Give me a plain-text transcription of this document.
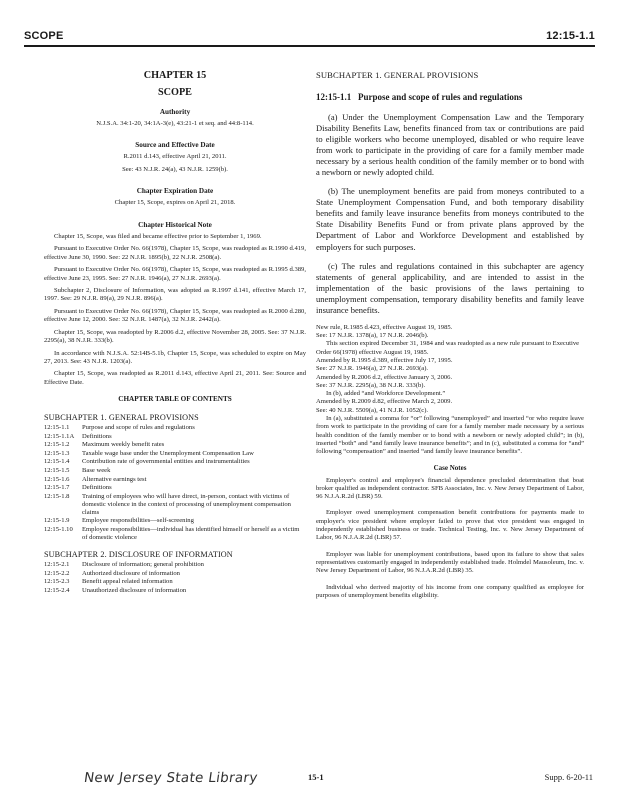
SCOPE	12:15-1.1

CHAPTER 15

SCOPE

Authority

N.J.S.A. 34:1-20, 34:1A-3(e), 43:21-1 et seq. and 44:8-114.

Source and Effective Date

R.2011 d.143, effective April 21, 2011.

See: 43 N.J.R. 24(a), 43 N.J.R. 1259(b).

Chapter Expiration Date

Chapter 15, Scope, expires on April 21, 2018.

Chapter Historical Note

Chapter 15, Scope, was filed and became effective prior to September 1, 1969.

Pursuant to Executive Order No. 66(1978), Chapter 15, Scope, was readopted as R.1990 d.419, effective June 30, 1990. See: 22 N.J.R. 1895(b), 22 N.J.R. 2508(a).

Pursuant to Executive Order No. 66(1978), Chapter 15, Scope, was readopted as R.1995 d.389, effective June 23, 1995. See: 27 N.J.R. 1946(a), 27 N.J.R. 2693(a).

Subchapter 2, Disclosure of Information, was adopted as R.1997 d.141, effective March 17, 1997. See: 29 N.J.R. 89(a), 29 N.J.R. 896(a).

Pursuant to Executive Order No. 66(1978), Chapter 15, Scope, was readopted as R.2000 d.280, effective June 12, 2000. See: 32 N.J.R. 1487(a), 32 N.J.R. 2442(a).

Chapter 15, Scope, was readopted by R.2006 d.2, effective November 28, 2005. See: 37 N.J.R. 2295(a), 38 N.J.R. 333(b).

In accordance with N.J.S.A. 52:14B-5.1b, Chapter 15, Scope, was scheduled to expire on May 27, 2013. See: 43 N.J.R. 1203(a).

Chapter 15, Scope, was readopted as R.2011 d.143, effective April 21, 2011. See: Source and Effective Date.

CHAPTER TABLE OF CONTENTS

SUBCHAPTER 1. GENERAL PROVISIONS

12:15-1.1	Purpose and scope of rules and regulations
12:15-1.1A	Definitions
12:15-1.2	Maximum weekly benefit rates
12:15-1.3	Taxable wage base under the Unemployment Compensation Law
12:15-1.4	Contribution rate of governmental entities and instrumentalities
12:15-1.5	Base week
12:15-1.6	Alternative earnings test
12:15-1.7	Definitions
12:15-1.8	Training of employees who will have direct, in-person, contact with victims of domestic violence in the context of processing of unemployment compensation claims
12:15-1.9	Employee responsibilities—self-screening
12:15-1.10	Employee responsibilities—individual has identified himself or herself as a victim of domestic violence

SUBCHAPTER 2. DISCLOSURE OF INFORMATION

12:15-2.1	Disclosure of information; general prohibition
12:15-2.2	Authorized disclosure of information
12:15-2.3	Benefit appeal related information
12:15-2.4	Unauthorized disclosure of information

SUBCHAPTER 1. GENERAL PROVISIONS

12:15-1.1 Purpose and scope of rules and regulations

(a) Under the Unemployment Compensation Law and the Temporary Disability Benefits Law, benefits financed from tax or contributions are paid to eligible workers who become unemployed, disabled or who require leave from work to participate in the providing of care for a family member made necessary by a serious health condition of the family member or to bond with a newborn or newly adopted child.

(b) The unemployment benefits are paid from moneys contributed to a State Unemployment Compensation Fund, and both temporary disability benefits and family leave insurance benefits from moneys contributed to the State Disability Benefits Fund or from private plans approved by the Department of Labor and Workforce Development and established by employers for such purposes.

(c) The rules and regulations contained in this subchapter are agency statements of general applicability, and are intended to assist in the implementation of the basic provisions of the laws pertaining to unemployment compensation, temporary disability benefits and family leave insurance benefits.

New rule, R.1985 d.423, effective August 19, 1985.

See: 17 N.J.R. 1378(a), 17 N.J.R. 2046(b).

This section expired December 31, 1984 and was readopted as a new rule pursuant to Executive Order 66(1978) effective August 19, 1985.

Amended by R.1995 d.389, effective July 17, 1995.

See: 27 N.J.R. 1946(a), 27 N.J.R. 2693(a).

Amended by R.2006 d.2, effective January 3, 2006.

See: 37 N.J.R. 2295(a), 38 N.J.R. 333(b).

In (b), added “and Workforce Development.”

Amended by R.2009 d.82, effective March 2, 2009.

See: 40 N.J.R. 5509(a), 41 N.J.R. 1052(c).

In (a), substituted a comma for “or” following “unemployed” and inserted “or who require leave from work to participate in the providing of care for a family member made necessary by a serious health condition of the family member or to bond with a newborn or newly adopted child”; in (b), inserted “both” and “and family leave insurance benefits”; and in (c), substituted a comma for “and” following “compensation” and inserted “and family leave insurance benefits”.

Case Notes

Employer's control and employee's financial dependence precluded determination that boat broker qualified as independent contractor. SFB Associates, Inc. v. New Jersey Department of Labor, 96 N.J.A.R.2d (LBR) 59.

Employer owed unemployment compensation benefit contributions for payments made to employer's vice president where employer failed to prove that vice president was engaged in independently established business or trade. Technical Testing, Inc. v. New Jersey Department of Labor, 96 N.J.A.R.2d (LBR) 57.

Employer was liable for unemployment contributions, based upon its failure to show that sales representatives customarily engaged in independently established trade. Holmdel Mausoleum, Inc. v. New Jersey Department of Labor, 96 N.J.A.R.2d (LBR) 35.

Individual who derived majority of his income from one company qualified as employee for purposes of unemployment benefits eligibility.

New Jersey State Library	15-1	Supp. 6-20-11
